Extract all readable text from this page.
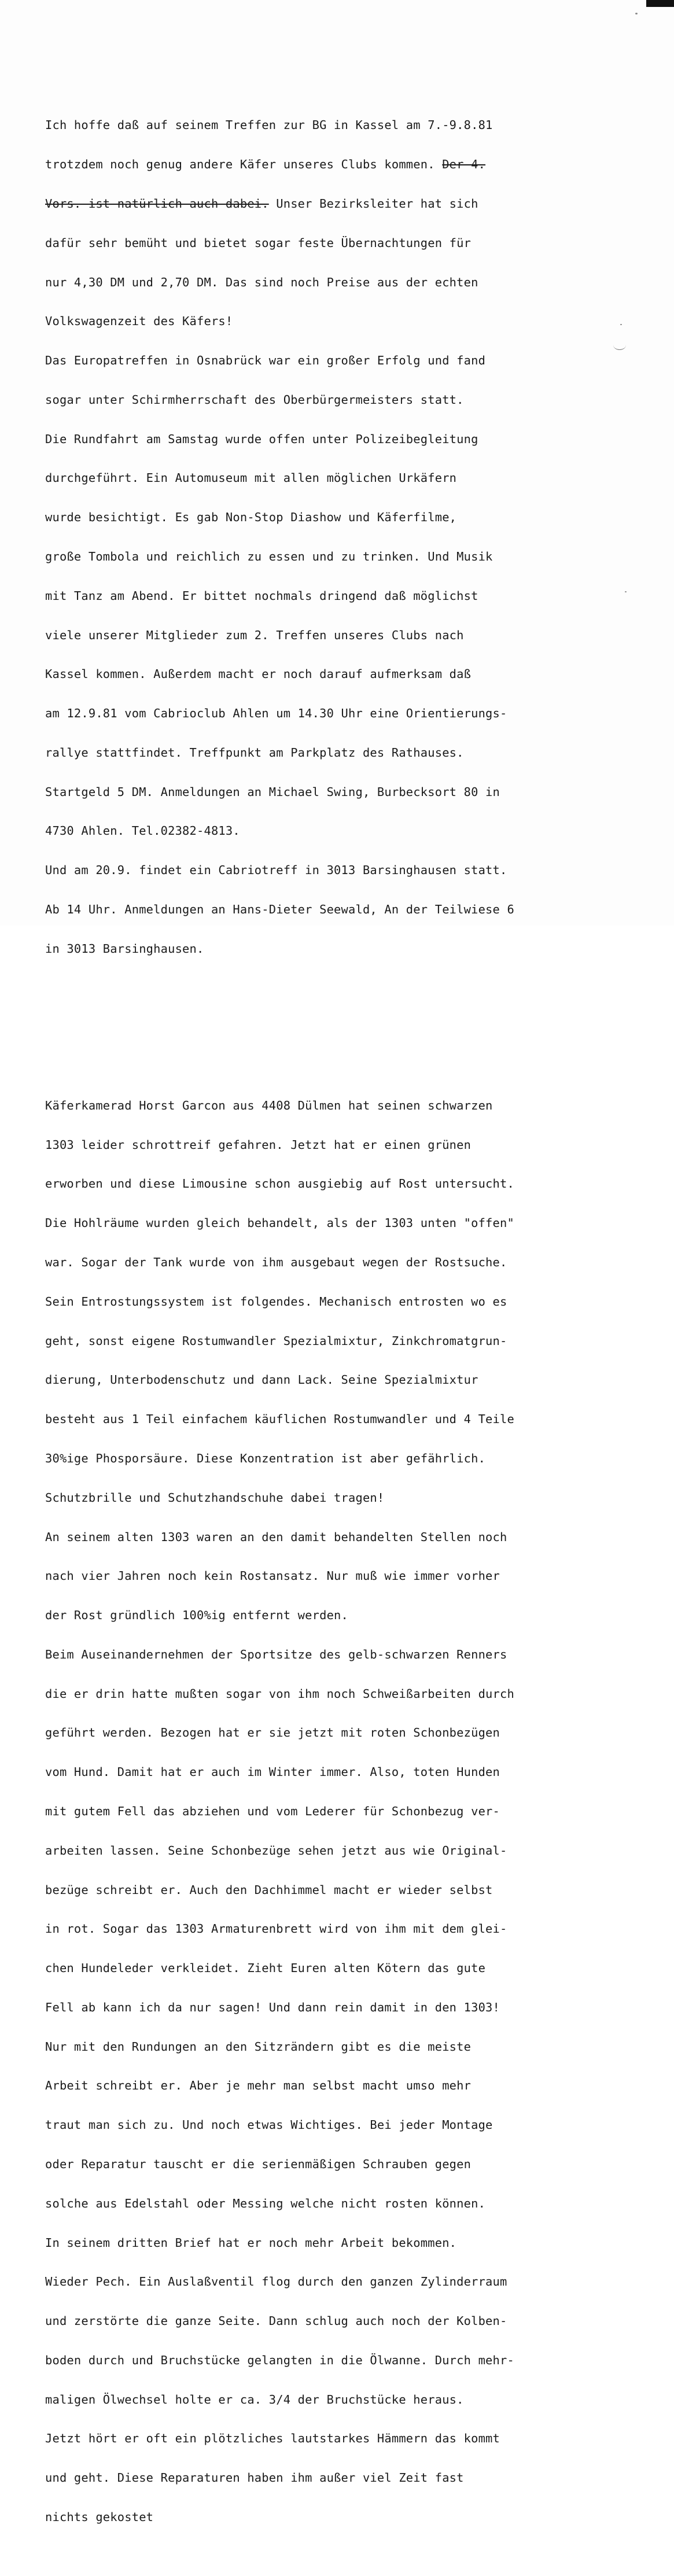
Ich hoffe daß auf seinem Treffen zur BG in Kassel am 7.-9.8.81

trotzdem noch genug andere Käfer unseres Clubs kommen. Der 4.

Vors. ist natürlich auch dabei. Unser Bezirksleiter hat sich

dafür sehr bemüht und bietet sogar feste Übernachtungen für

nur 4,30 DM und 2,70 DM. Das sind noch Preise aus der echten

Volkswagenzeit des Käfers!

Das Europatreffen in Osnabrück war ein großer Erfolg und fand

sogar unter Schirmherrschaft des Oberbürgermeisters statt.

Die Rundfahrt am Samstag wurde offen unter Polizeibegleitung

durchgeführt. Ein Automuseum mit allen möglichen Urkäfern

wurde besichtigt. Es gab Non-Stop Diashow und Käferfilme,

große Tombola und reichlich zu essen und zu trinken. Und Musik

mit Tanz am Abend. Er bittet nochmals dringend daß möglichst

viele unserer Mitglieder zum 2. Treffen unseres Clubs nach

Kassel kommen. Außerdem macht er noch darauf aufmerksam daß

am 12.9.81 vom Cabrioclub Ahlen um 14.30 Uhr eine Orientierungs-

rallye stattfindet. Treffpunkt am Parkplatz des Rathauses.

Startgeld 5 DM. Anmeldungen an Michael Swing, Burbecksort 80 in

4730 Ahlen. Tel.02382-4813.

Und am 20.9. findet ein Cabriotreff in 3013 Barsinghausen statt.

Ab 14 Uhr. Anmeldungen an Hans-Dieter Seewald, An der Teilwiese 6

in 3013 Barsinghausen.

Käferkamerad Horst Garcon aus 4408 Dülmen hat seinen schwarzen

1303 leider schrottreif gefahren. Jetzt hat er einen grünen

erworben und diese Limousine schon ausgiebig auf Rost untersucht.

Die Hohlräume wurden gleich behandelt, als der 1303 unten "offen"

war. Sogar der Tank wurde von ihm ausgebaut wegen der Rostsuche.

Sein Entrostungssystem ist folgendes. Mechanisch entrosten wo es

geht, sonst eigene Rostumwandler Spezialmixtur, Zinkchromatgrun-

dierung, Unterbodenschutz und dann Lack. Seine Spezialmixtur

besteht aus 1 Teil einfachem käuflichen Rostumwandler und 4 Teile

30%ige Phosporsäure. Diese Konzentration ist aber gefährlich.

Schutzbrille und Schutzhandschuhe dabei tragen!

An seinem alten 1303 waren an den damit behandelten Stellen noch

nach vier Jahren noch kein Rostansatz. Nur muß wie immer vorher

der Rost gründlich 100%ig entfernt werden.

Beim Auseinandernehmen der Sportsitze des gelb-schwarzen Renners

die er drin hatte mußten sogar von ihm noch Schweißarbeiten durch

geführt werden. Bezogen hat er sie jetzt mit roten Schonbezügen

vom Hund. Damit hat er auch im Winter immer. Also, toten Hunden

mit gutem Fell das abziehen und vom Lederer für Schonbezug ver-

arbeiten lassen. Seine Schonbezüge sehen jetzt aus wie Original-

bezüge schreibt er. Auch den Dachhimmel macht er wieder selbst

in rot. Sogar das 1303 Armaturenbrett wird von ihm mit dem glei-

chen Hundeleder verkleidet. Zieht Euren alten Kötern das gute

Fell ab kann ich da nur sagen! Und dann rein damit in den 1303!

Nur mit den Rundungen an den Sitzrändern gibt es die meiste

Arbeit schreibt er. Aber je mehr man selbst macht umso mehr

traut man sich zu. Und noch etwas Wichtiges. Bei jeder Montage

oder Reparatur tauscht er die serienmäßigen Schrauben gegen

solche aus Edelstahl oder Messing welche nicht rosten können.

In seinem dritten Brief hat er noch mehr Arbeit bekommen.

Wieder Pech. Ein Auslaßventil flog durch den ganzen Zylinderraum

und zerstörte die ganze Seite. Dann schlug auch noch der Kolben-

boden durch und Bruchstücke gelangten in die Ölwanne. Durch mehr-

maligen Ölwechsel holte er ca. 3/4 der Bruchstücke heraus.

Jetzt hört er oft ein plötzliches lautstarkes Hämmern das kommt

und geht. Diese Reparaturen haben ihm außer viel Zeit fast

nichts gekostet
